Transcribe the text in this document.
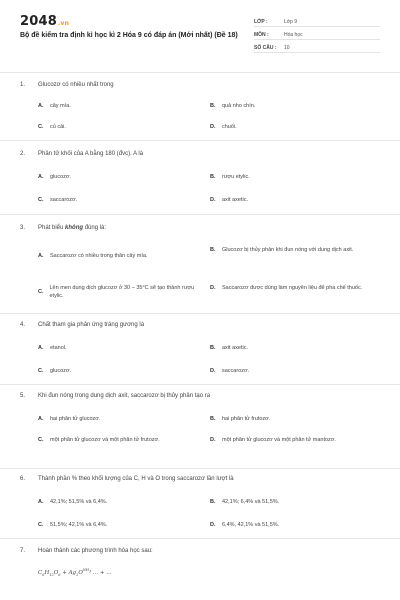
2048.vn
Bộ đề kiểm tra định kì học kì 2 Hóa 9 có đáp án (Mới nhất) (Đề 18)
LỚP :	Lớp 9
MÔN :	Hóa học
SỐ CÂU :	10
1. Glucozơ có nhiều nhất trong
A.	cây mía.	B.	quả nho chín.
C.	củ cải.	D.	chuối.
2. Phân tử khối của A bằng 180 (đvc). A là
A.	glucozơ.	B.	rượu etylic.
C.	saccarozơ.	D.	axit axetic.
3. Phát biểu không đúng là:
A.	Saccarozơ có nhiều trong thân cây mía.
B.	Glucozơ bị thủy phân khi đun nóng với dung dịch axit.
C.
Lên men dung dịch glucozơ ở 30 − 35°C sẽ tạo thành rượu etylic.
D.	Saccarozơ được dùng làm nguyên liệu để pha chế thuốc.
4. Chất tham gia phản ứng tráng gương là
A.	etanol.	B.	axit axetic.
C.	glucozơ.	D.	saccarozơ.
5. Khi đun nóng trong dung dịch axit, saccarozơ bị thủy phân tạo ra
A.	hai phân tử glucozơ.	B.	hai phân tử frutozơ.
C.	một phân tử glucozơ và một phân tử frutozơ.	D.	một phân tử glucozơ và một phân tử mantozơ.
6. Thành phần % theo khối lượng của C, H và O trong saccarozơ lần lượt là
A.	42,1%; 51,5% và 6,4%.	B.	42,1%; 6,4% và 51,5%.
C.	51,5%; 42,1% và 6,4%.	D.	6,4%, 42,1% và 51,5%.
7. Hoàn thành các phương trình hóa học sau:
$C_6H_{12}O_6 + Ag_2O^{NH_3}$ ... + ...
